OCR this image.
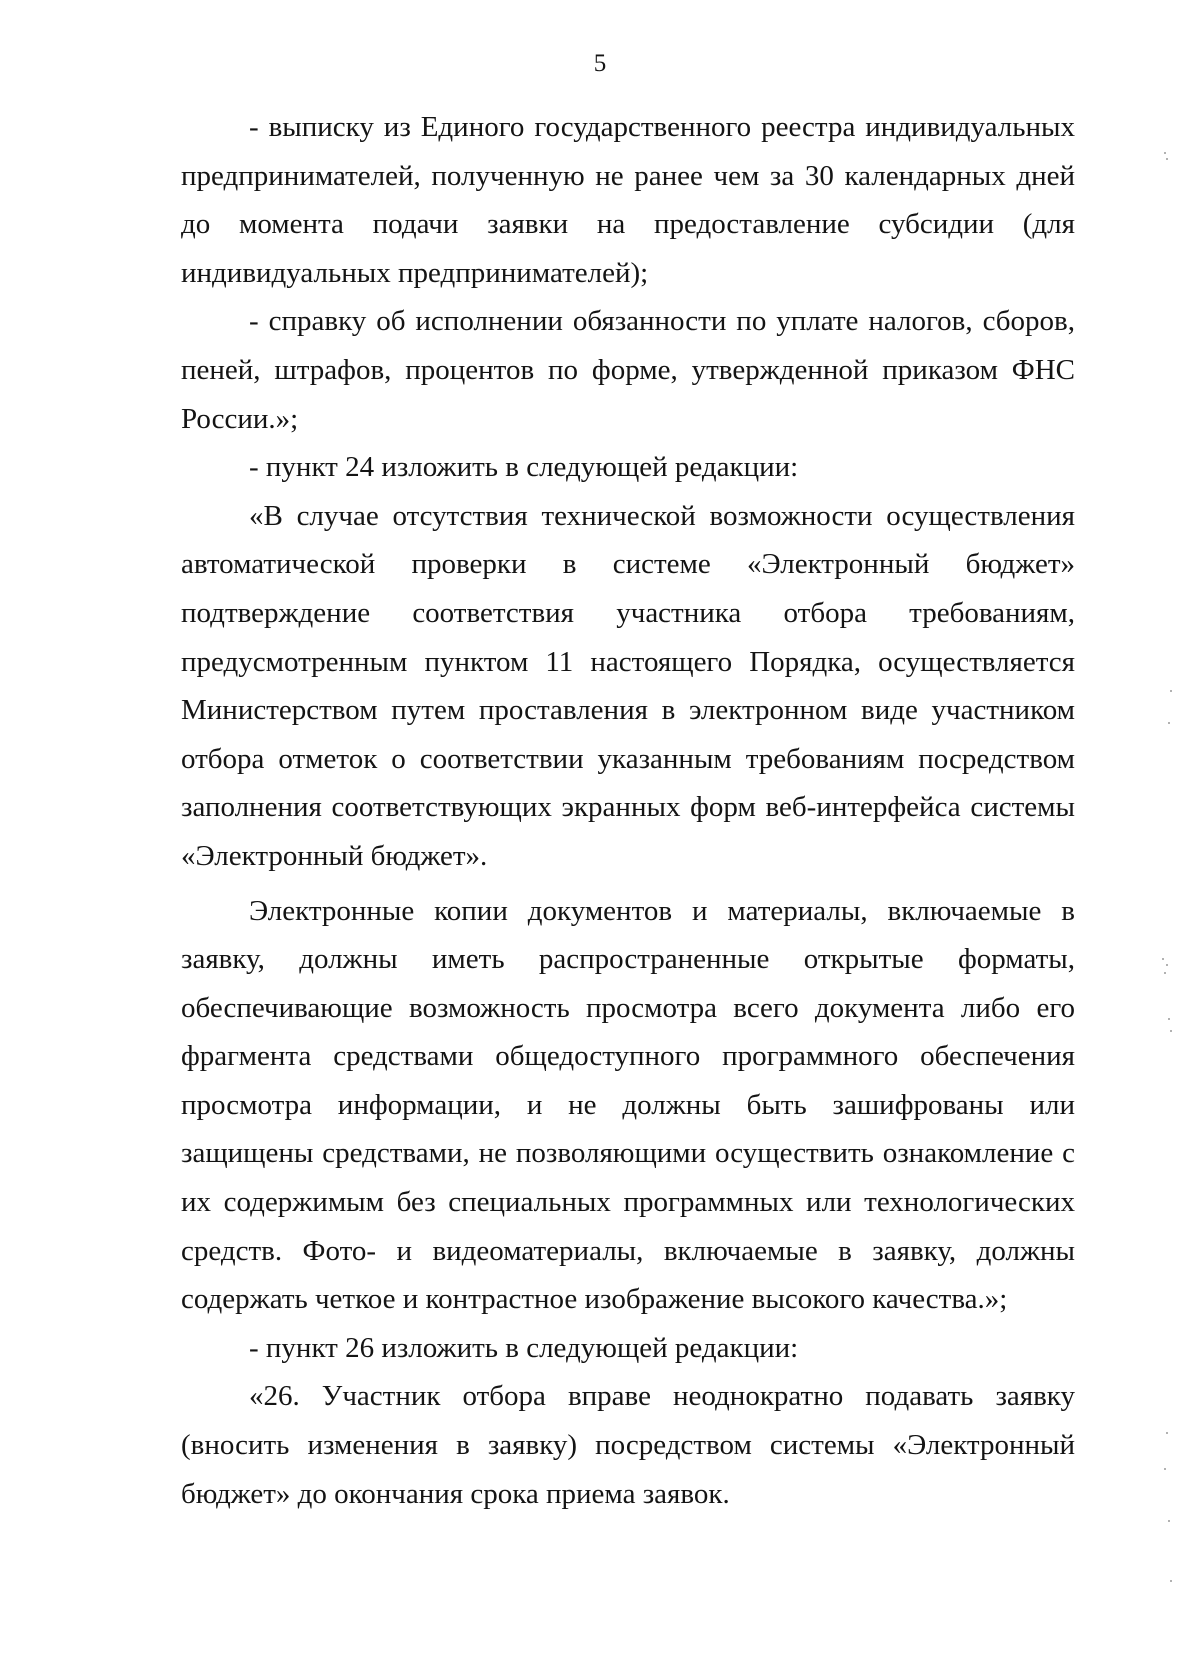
5

- выписку из Единого государственного реестра индивидуальных предпринимателей, полученную не ранее чем за 30 календарных дней до момента подачи заявки на предоставление субсидии (для индивидуальных предпринимателей);

- справку об исполнении обязанности по уплате налогов, сборов, пеней, штрафов, процентов по форме, утвержденной приказом ФНС России.»;

- пункт 24 изложить в следующей редакции:

«В случае отсутствия технической возможности осуществления автоматической проверки в системе «Электронный бюджет» подтверждение соответствия участника отбора требованиям, предусмотренным пунктом 11 настоящего Порядка, осуществляется Министерством путем проставления в электронном виде участником отбора отметок о соответствии указанным требованиям посредством заполнения соответствующих экранных форм веб-интерфейса системы «Электронный бюджет».

Электронные копии документов и материалы, включаемые в заявку, должны иметь распространенные открытые форматы, обеспечивающие возможность просмотра всего документа либо его фрагмента средствами общедоступного программного обеспечения просмотра информации, и не должны быть зашифрованы или защищены средствами, не позволяющими осуществить ознакомление с их содержимым без специальных программных или технологических средств. Фото- и видеоматериалы, включаемые в заявку, должны содержать четкое и контрастное изображение высокого качества.»;

- пункт 26 изложить в следующей редакции:

«26. Участник отбора вправе неоднократно подавать заявку (вносить изменения в заявку) посредством системы «Электронный бюджет» до окончания срока приема заявок.
